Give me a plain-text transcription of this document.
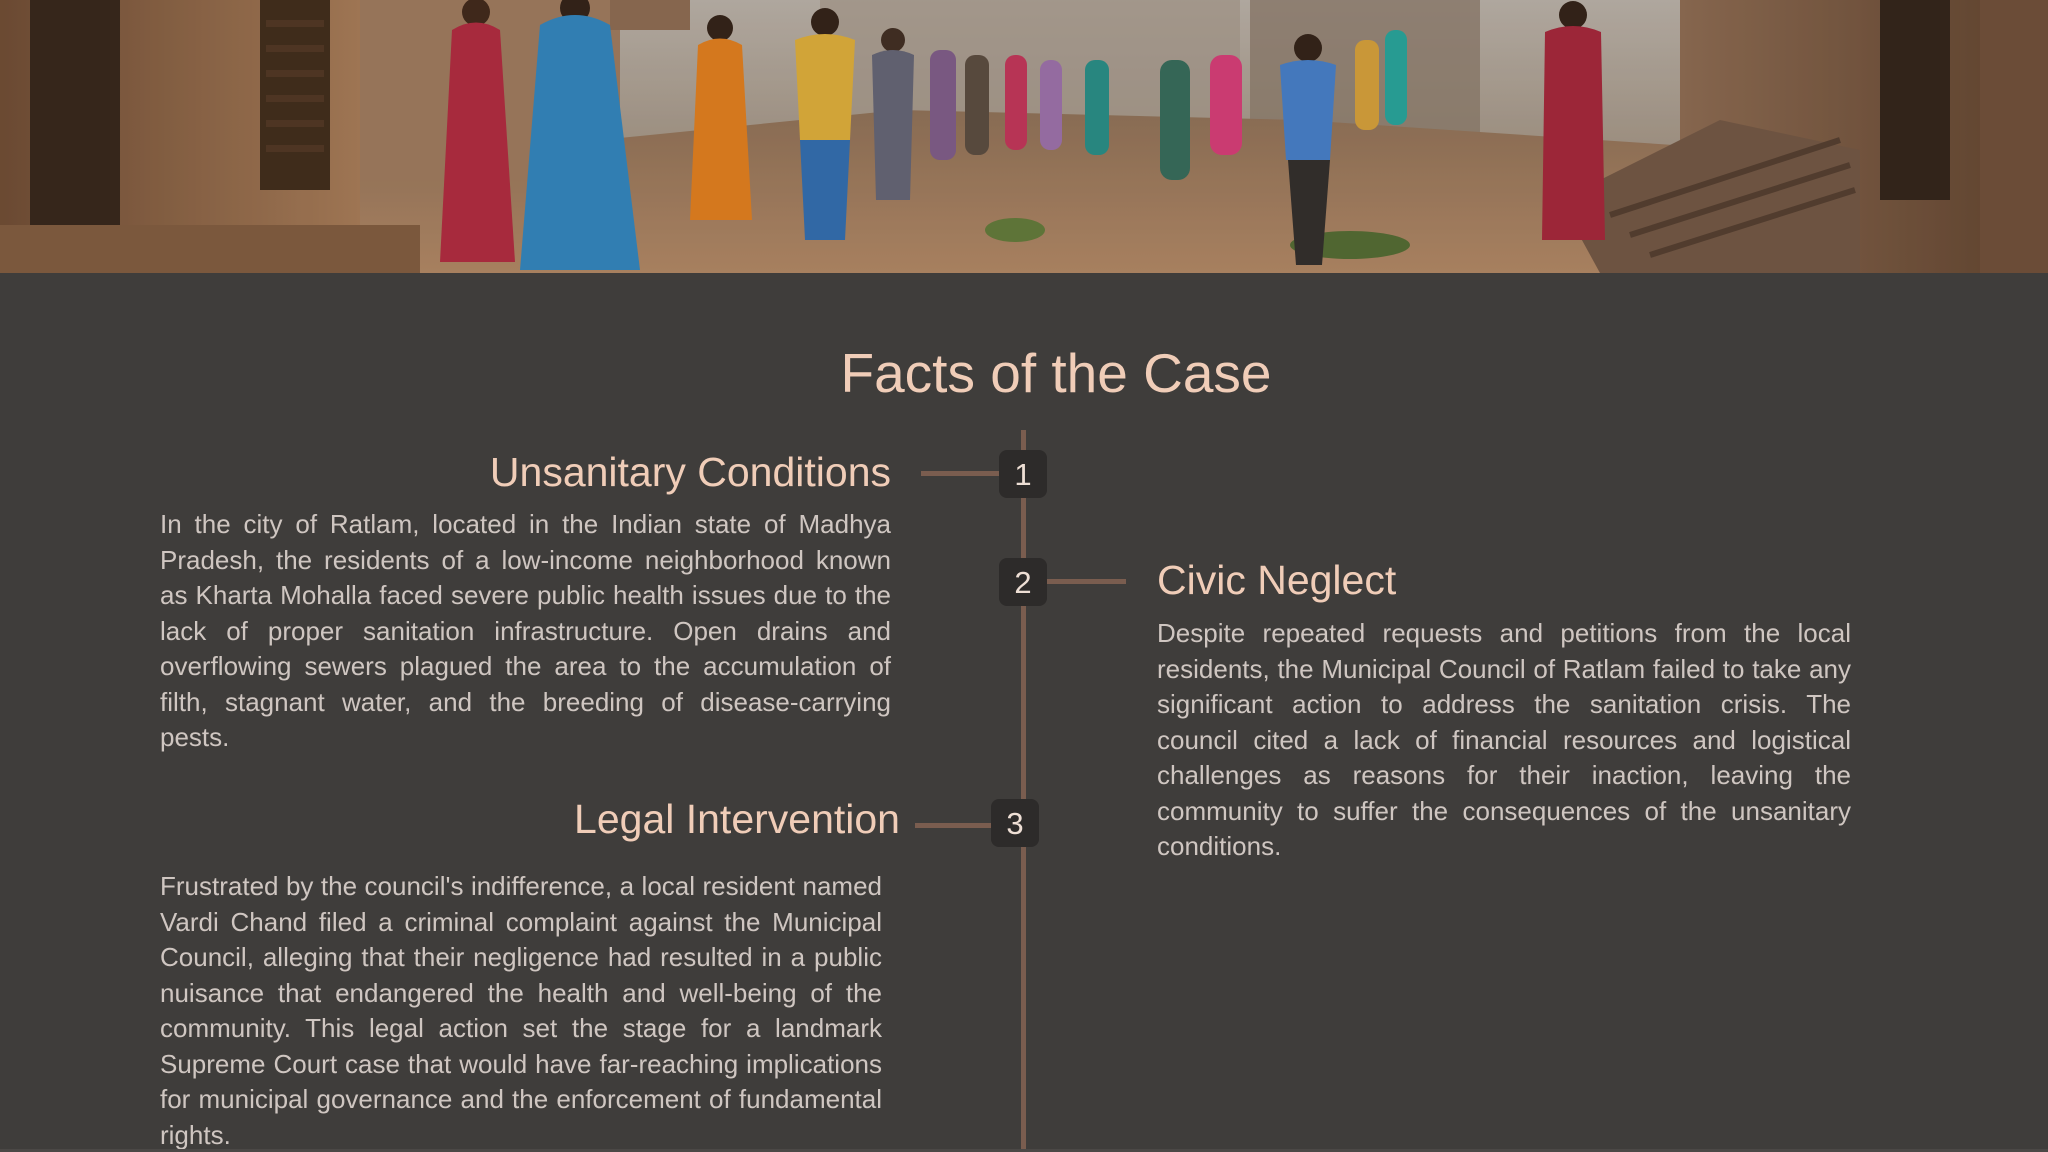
Facts of the Case
1
Unsanitary Conditions

In the city of Ratlam, located in the Indian state of Madhya Pradesh, the residents of a low-income neighborhood known as Kharta Mohalla faced severe public health issues due to the lack of proper sanitation infrastructure. Open drains and overflowing sewers plagued the area to the accumulation of filth, stagnant water, and the breeding of disease-carrying pests.

2	Civic Neglect

Despite repeated requests and petitions from the local residents, the Municipal Council of Ratlam failed to take any significant action to address the sanitation crisis. The council cited a lack of financial resources and logistical challenges as reasons for their inaction, leaving the community to suffer the consequences of the unsanitary conditions.

3
Legal Intervention

Frustrated by the council's indifference, a local resident named Vardi Chand filed a criminal complaint against the Municipal Council, alleging that their negligence had resulted in a public nuisance that endangered the health and well-being of the community. This legal action set the stage for a landmark Supreme Court case that would have far-reaching implications for municipal governance and the enforcement of fundamental rights.
